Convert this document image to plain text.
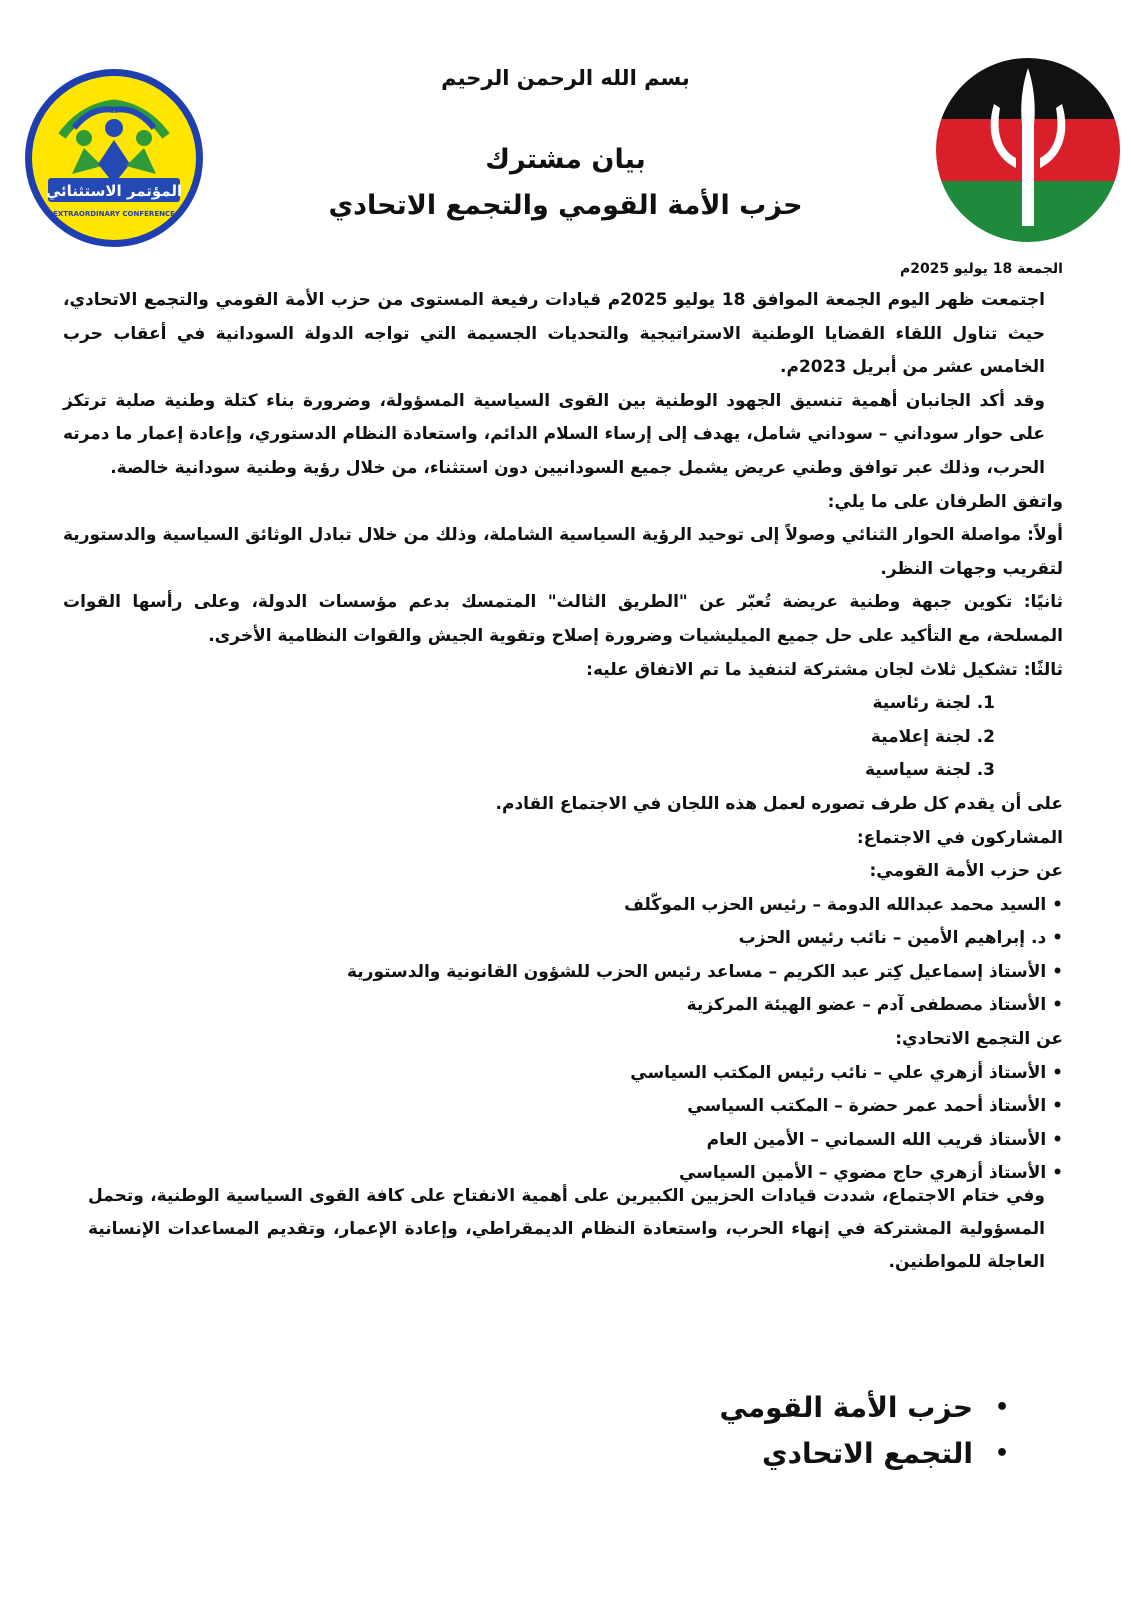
المؤتمر الاستثنائي
EXTRAORDINARY CONFERENCE
بسم الله الرحمن الرحيم
بيان مشترك
حزب الأمة القومي والتجمع الاتحادي
الجمعة 18 يوليو 2025م

اجتمعت ظهر اليوم الجمعة الموافق 18 يوليو 2025م قيادات رفيعة المستوى من حزب الأمة القومي والتجمع الاتحادي، حيث تناول اللقاء القضايا الوطنية الاستراتيجية والتحديات الجسيمة التي تواجه الدولة السودانية في أعقاب حرب الخامس عشر من أبريل 2023م.

وقد أكد الجانبان أهمية تنسيق الجهود الوطنية بين القوى السياسية المسؤولة، وضرورة بناء كتلة وطنية صلبة ترتكز على حوار سوداني – سوداني شامل، يهدف إلى إرساء السلام الدائم، واستعادة النظام الدستوري، وإعادة إعمار ما دمرته الحرب، وذلك عبر توافق وطني عريض يشمل جميع السودانيين دون استثناء، من خلال رؤية وطنية سودانية خالصة.

واتفق الطرفان على ما يلي:

أولاً: مواصلة الحوار الثنائي وصولاً إلى توحيد الرؤية السياسية الشاملة، وذلك من خلال تبادل الوثائق السياسية والدستورية لتقريب وجهات النظر.

ثانيًا: تكوين جبهة وطنية عريضة تُعبّر عن "الطريق الثالث" المتمسك بدعم مؤسسات الدولة، وعلى رأسها القوات المسلحة، مع التأكيد على حل جميع الميليشيات وضرورة إصلاح وتقوية الجيش والقوات النظامية الأخرى.

ثالثًا: تشكيل ثلاث لجان مشتركة لتنفيذ ما تم الاتفاق عليه:

1. لجنة رئاسية
2. لجنة إعلامية
3. لجنة سياسية

على أن يقدم كل طرف تصوره لعمل هذه اللجان في الاجتماع القادم.

المشاركون في الاجتماع:

عن حزب الأمة القومي:

• السيد محمد عبدالله الدومة – رئيس الحزب الموكّلف
• د. إبراهيم الأمين – نائب رئيس الحزب
• الأستاذ إسماعيل كِتر عبد الكريم – مساعد رئيس الحزب للشؤون القانونية والدستورية
• الأستاذ مصطفى آدم – عضو الهيئة المركزية

عن التجمع الاتحادي:

• الأستاذ أزهري علي – نائب رئيس المكتب السياسي
• الأستاذ أحمد عمر حضرة – المكتب السياسي
• الأستاذ قريب الله السماني – الأمين العام
• الأستاذ أزهري حاج مضوي – الأمين السياسي

وفي ختام الاجتماع، شددت قيادات الحزبين الكبيرين على أهمية الانفتاح على كافة القوى السياسية الوطنية، وتحمل المسؤولية المشتركة في إنهاء الحرب، واستعادة النظام الديمقراطي، وإعادة الإعمار، وتقديم المساعدات الإنسانية العاجلة للمواطنين.

• حزب الأمة القومي
• التجمع الاتحادي
